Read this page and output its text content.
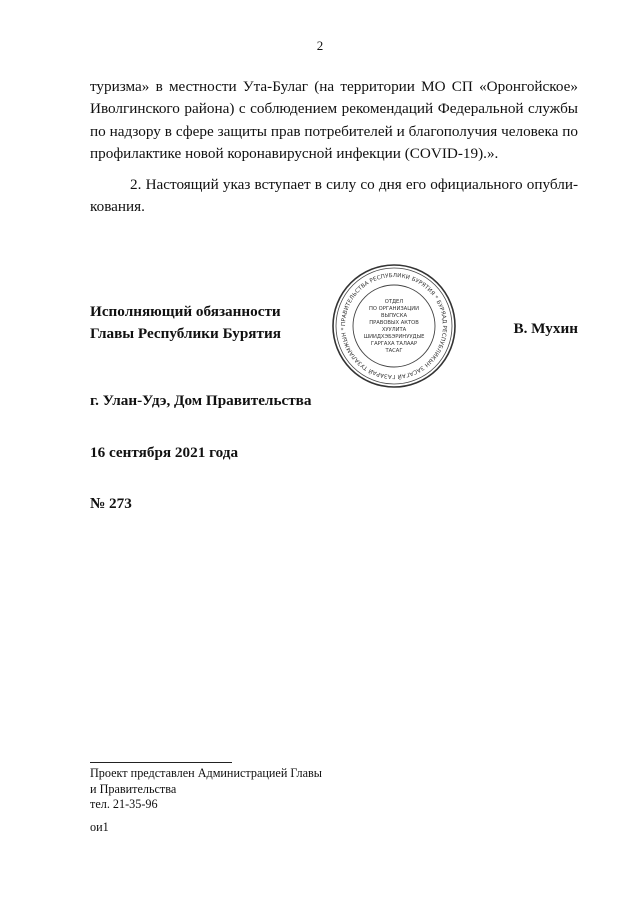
2
туризма» в местности Ута-Булаг (на территории МО СП «Оронгойское»
Иволгинского района) с соблюдением рекомендаций Федеральной службы
по надзору в сфере защиты прав потребителей и благополучия человека по
профилактике новой коронавирусной инфекции (COVID-19).».
2. Настоящий указ вступает в силу со дня его официального опубли-
кования.
Исполняющий обязанности
Главы Республики Бурятия	В. Мухин
ПРАВИТЕЛЬСТВА РЕСПУБЛИКИ БУРЯТИЯ * БУРЯАД РЕСПУБЛИКЫН ЗАСАГАЙ ГАЗАРАЙ ТУЗАЛАМЖЫН *
ОТДЕЛ
ПО ОРГАНИЗАЦИИ
ВЫПУСКА
ПРАВОВЫХ АКТОВ
ХУУЛИТА
ШИИДХЭБЭРИНУУДЫЕ
ГАРГАХА ТАЛААР
ТАСАГ
г. Улан-Удэ, Дом Правительства
16 сентября 2021 года
№ 273
Проект представлен Администрацией Главы
и Правительства
тел. 21-35-96
ои1
